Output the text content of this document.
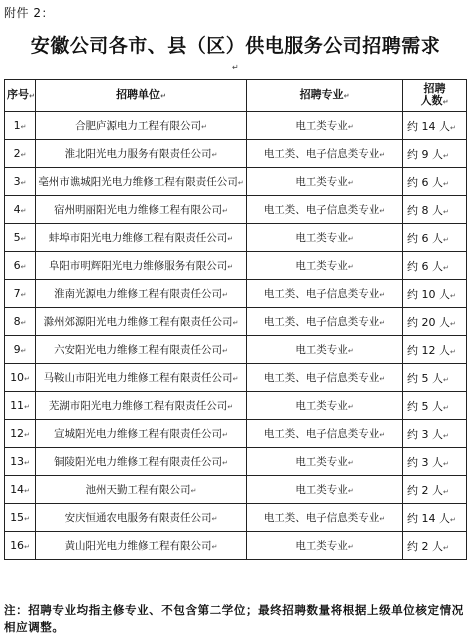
附件 2：
安徽公司各市、县（区）供电服务公司招聘需求
↵
序号↵	招聘单位↵	招聘专业↵	招聘
人数↵
1↵	合肥庐源电力工程有限公司↵	电工类专业↵	约 14 人↵
2↵	淮北阳光电力服务有限责任公司↵	电工类、电子信息类专业↵	约 9 人↵
3↵	亳州市谯城阳光电力维修工程有限责任公司↵	电工类专业↵	约 6 人↵
4↵	宿州明丽阳光电力维修工程有限公司↵	电工类、电子信息类专业↵	约 8 人↵
5↵	蚌埠市阳光电力维修工程有限责任公司↵	电工类专业↵	约 6 人↵
6↵	阜阳市明辉阳光电力维修服务有限公司↵	电工类专业↵	约 6 人↵
7↵	淮南光源电力维修工程有限责任公司↵	电工类、电子信息类专业↵	约 10 人↵
8↵	滁州郊源阳光电力维修工程有限责任公司↵	电工类、电子信息类专业↵	约 20 人↵
9↵	六安阳光电力维修工程有限责任公司↵	电工类专业↵	约 12 人↵
10↵	马鞍山市阳光电力维修工程有限责任公司↵	电工类、电子信息类专业↵	约 5 人↵
11↵	芜湖市阳光电力维修工程有限责任公司↵	电工类专业↵	约 5 人↵
12↵	宣城阳光电力维修工程有限责任公司↵	电工类、电子信息类专业↵	约 3 人↵
13↵	铜陵阳光电力维修工程有限责任公司↵	电工类专业↵	约 3 人↵
14↵	池州天勤工程有限公司↵	电工类专业↵	约 2 人↵
15↵	安庆恒通农电服务有限责任公司↵	电工类、电子信息类专业↵	约 14 人↵
16↵	黄山阳光电力维修工程有限公司↵	电工类专业↵	约 2 人↵
注：招聘专业均指主修专业、不包含第二学位；最终招聘数量将根据上级单位核定情况相应调整。
